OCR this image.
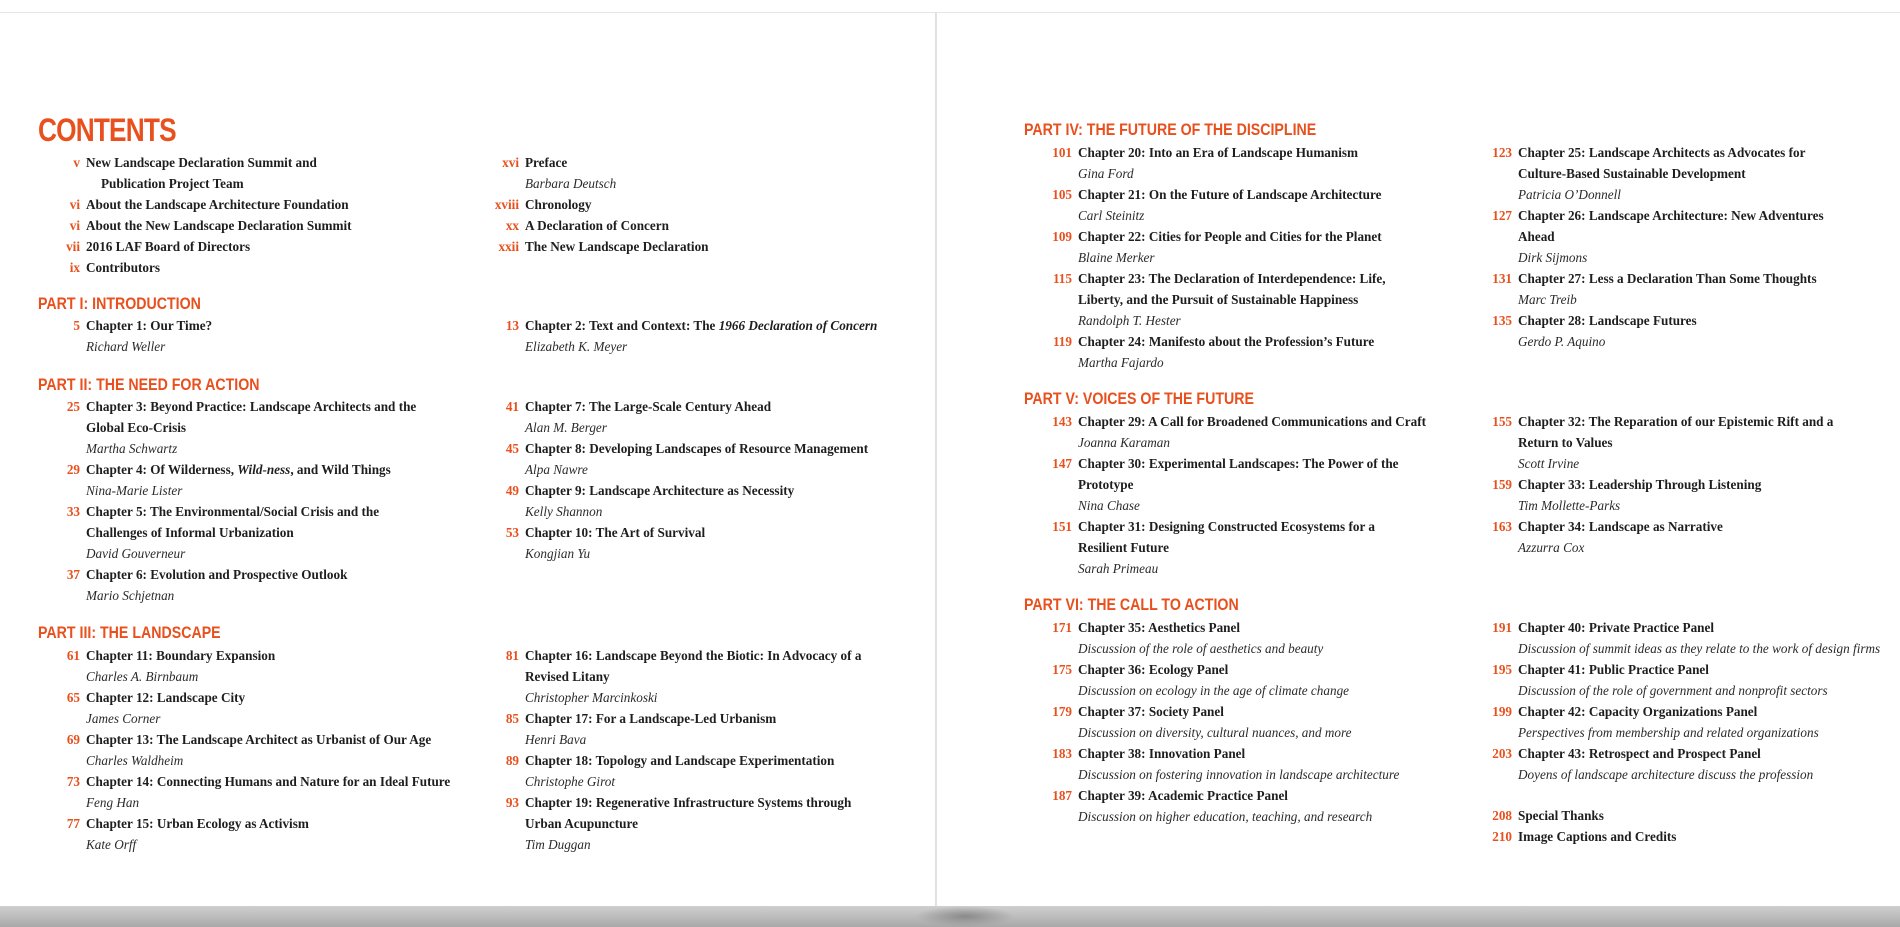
CONTENTS
v New Landscape Declaration Summit and
Publication Project Team
vi About the Landscape Architecture Foundation
vi About the New Landscape Declaration Summit
vii 2016 LAF Board of Directors
ix Contributors
xvi Preface
Barbara Deutsch
xviii Chronology
xx A Declaration of Concern
xxii The New Landscape Declaration
PART I: INTRODUCTION
5 Chapter 1: Our Time?
Richard Weller
13 Chapter 2: Text and Context: The 1966 Declaration of Concern
Elizabeth K. Meyer
PART II: THE NEED FOR ACTION
25 Chapter 3: Beyond Practice: Landscape Architects and the
Global Eco-Crisis
Martha Schwartz
29 Chapter 4: Of Wilderness, Wild-ness, and Wild Things
Nina-Marie Lister
33 Chapter 5: The Environmental/Social Crisis and the
Challenges of Informal Urbanization
David Gouverneur
37 Chapter 6: Evolution and Prospective Outlook
Mario Schjetnan
41 Chapter 7: The Large-Scale Century Ahead
Alan M. Berger
45 Chapter 8: Developing Landscapes of Resource Management
Alpa Nawre
49 Chapter 9: Landscape Architecture as Necessity
Kelly Shannon
53 Chapter 10: The Art of Survival
Kongjian Yu
PART III: THE LANDSCAPE
61 Chapter 11: Boundary Expansion
Charles A. Birnbaum
65 Chapter 12: Landscape City
James Corner
69 Chapter 13: The Landscape Architect as Urbanist of Our Age
Charles Waldheim
73 Chapter 14: Connecting Humans and Nature for an Ideal Future
Feng Han
77 Chapter 15: Urban Ecology as Activism
Kate Orff
81 Chapter 16: Landscape Beyond the Biotic: In Advocacy of a
Revised Litany
Christopher Marcinkoski
85 Chapter 17: For a Landscape-Led Urbanism
Henri Bava
89 Chapter 18: Topology and Landscape Experimentation
Christophe Girot
93 Chapter 19: Regenerative Infrastructure Systems through
Urban Acupuncture
Tim Duggan
PART IV: THE FUTURE OF THE DISCIPLINE
101 Chapter 20: Into an Era of Landscape Humanism
Gina Ford
105 Chapter 21: On the Future of Landscape Architecture
Carl Steinitz
109 Chapter 22: Cities for People and Cities for the Planet
Blaine Merker
115 Chapter 23: The Declaration of Interdependence: Life,
Liberty, and the Pursuit of Sustainable Happiness
Randolph T. Hester
119 Chapter 24: Manifesto about the Profession’s Future
Martha Fajardo
123 Chapter 25: Landscape Architects as Advocates for
Culture-Based Sustainable Development
Patricia O’Donnell
127 Chapter 26: Landscape Architecture: New Adventures
Ahead
Dirk Sijmons
131 Chapter 27: Less a Declaration Than Some Thoughts
Marc Treib
135 Chapter 28: Landscape Futures
Gerdo P. Aquino
PART V: VOICES OF THE FUTURE
143 Chapter 29: A Call for Broadened Communications and Craft
Joanna Karaman
147 Chapter 30: Experimental Landscapes: The Power of the
Prototype
Nina Chase
151 Chapter 31: Designing Constructed Ecosystems for a
Resilient Future
Sarah Primeau
155 Chapter 32: The Reparation of our Epistemic Rift and a
Return to Values
Scott Irvine
159 Chapter 33: Leadership Through Listening
Tim Mollette-Parks
163 Chapter 34: Landscape as Narrative
Azzurra Cox
PART VI: THE CALL TO ACTION
171 Chapter 35: Aesthetics Panel
Discussion of the role of aesthetics and beauty
175 Chapter 36: Ecology Panel
Discussion on ecology in the age of climate change
179 Chapter 37: Society Panel
Discussion on diversity, cultural nuances, and more
183 Chapter 38: Innovation Panel
Discussion on fostering innovation in landscape architecture
187 Chapter 39: Academic Practice Panel
Discussion on higher education, teaching, and research
191 Chapter 40: Private Practice Panel
Discussion of summit ideas as they relate to the work of design firms
195 Chapter 41: Public Practice Panel
Discussion of the role of government and nonprofit sectors
199 Chapter 42: Capacity Organizations Panel
Perspectives from membership and related organizations
203 Chapter 43: Retrospect and Prospect Panel
Doyens of landscape architecture discuss the profession
208 Special Thanks
210 Image Captions and Credits
